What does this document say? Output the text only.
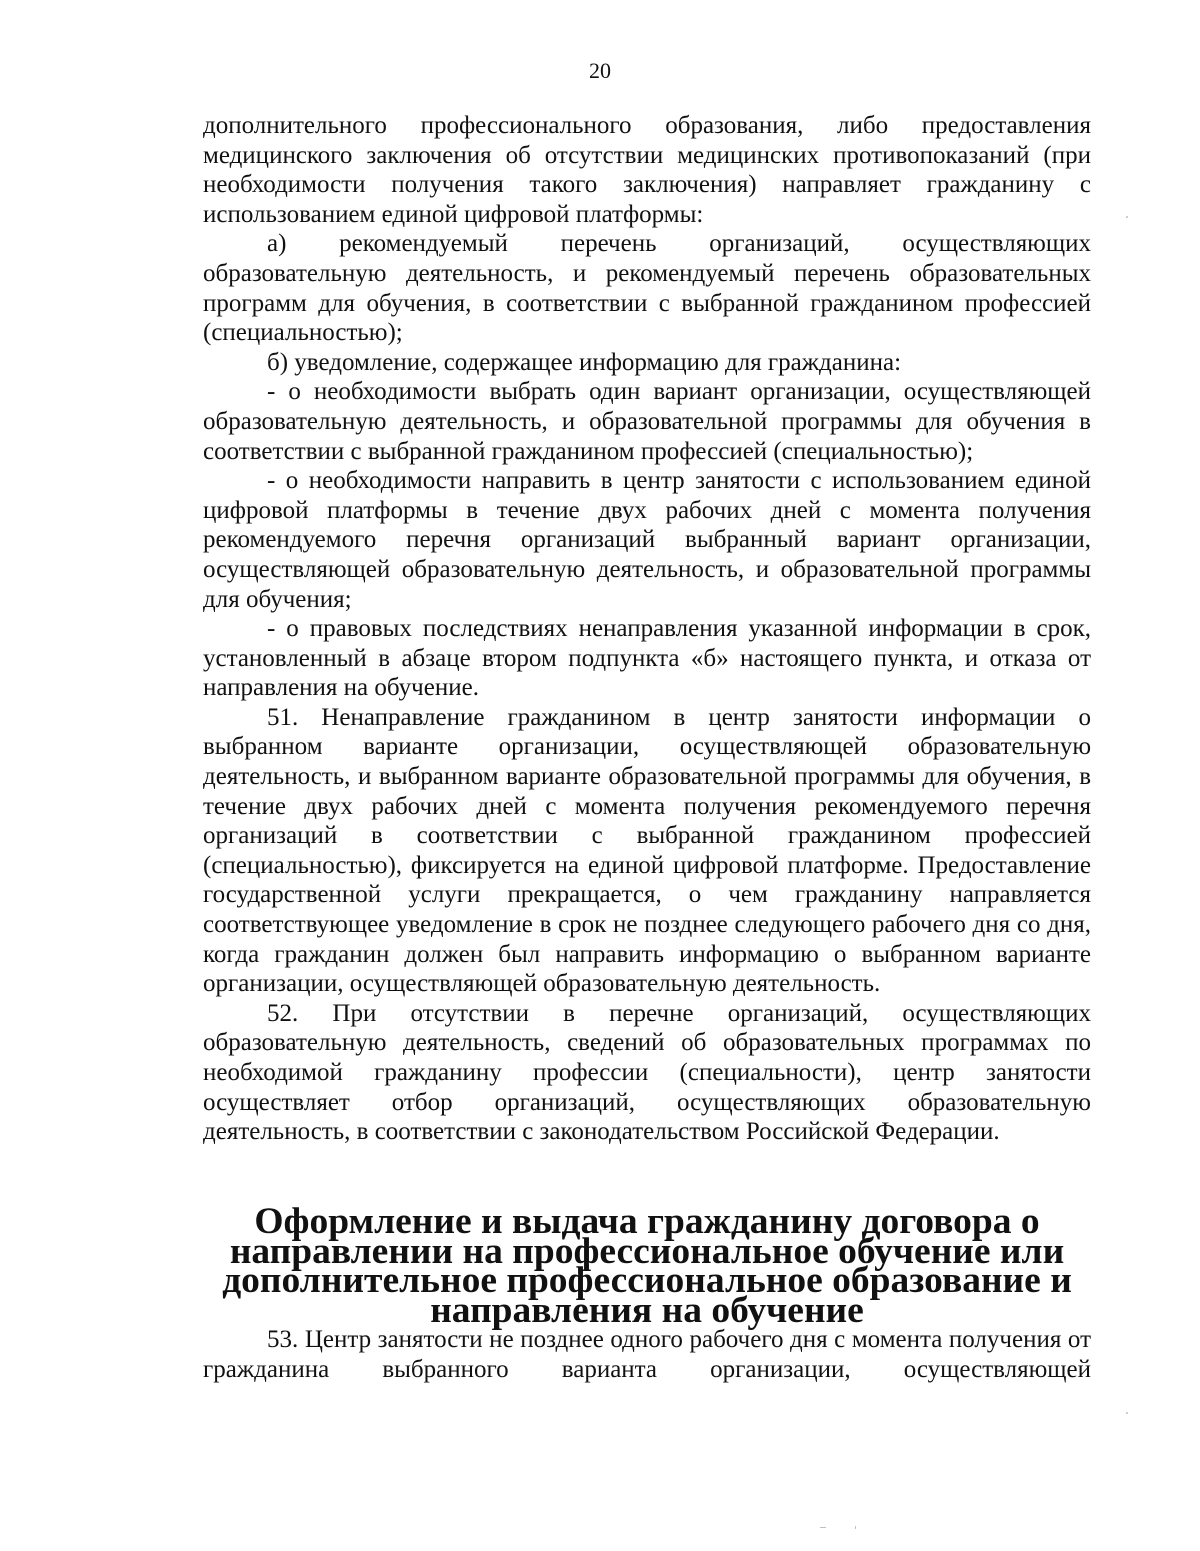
20

дополнительного профессионального образования, либо предоставления медицинского заключения об отсутствии медицинских противопоказаний (при необходимости получения такого заключения) направляет гражданину с использованием единой цифровой платформы:

а) рекомендуемый перечень организаций, осуществляющих образовательную деятельность, и рекомендуемый перечень образовательных программ для обучения, в соответствии с выбранной гражданином профессией (специальностью);

б) уведомление, содержащее информацию для гражданина:

- о необходимости выбрать один вариант организации, осуществляющей образовательную деятельность, и образовательной программы для обучения в соответствии с выбранной гражданином профессией (специальностью);

- о необходимости направить в центр занятости с использованием единой цифровой платформы в течение двух рабочих дней с момента получения рекомендуемого перечня организаций выбранный вариант организации, осуществляющей образовательную деятельность, и образовательной программы для обучения;

- о правовых последствиях ненаправления указанной информации в срок, установленный в абзаце втором подпункта «б» настоящего пункта, и отказа от направления на обучение.

51. Ненаправление гражданином в центр занятости информации о выбранном варианте организации, осуществляющей образовательную деятельность, и выбранном варианте образовательной программы для обучения, в течение двух рабочих дней с момента получения рекомендуемого перечня организаций в соответствии с выбранной гражданином профессией (специальностью), фиксируется на единой цифровой платформе. Предоставление государственной услуги прекращается, о чем гражданину направляется соответствующее уведомление в срок не позднее следующего рабочего дня со дня, когда гражданин должен был направить информацию о выбранном варианте организации, осуществляющей образовательную деятельность.

52. При отсутствии в перечне организаций, осуществляющих образовательную деятельность, сведений об образовательных программах по необходимой гражданину профессии (специальности), центр занятости осуществляет отбор организаций, осуществляющих образовательную деятельность, в соответствии с законодательством Российской Федерации.

Оформление и выдача гражданину договора о направлении на профессиональное обучение или дополнительное профессиональное образование и направления на обучение

53. Центр занятости не позднее одного рабочего дня с момента получения от гражданина выбранного варианта организации, осуществляющей
